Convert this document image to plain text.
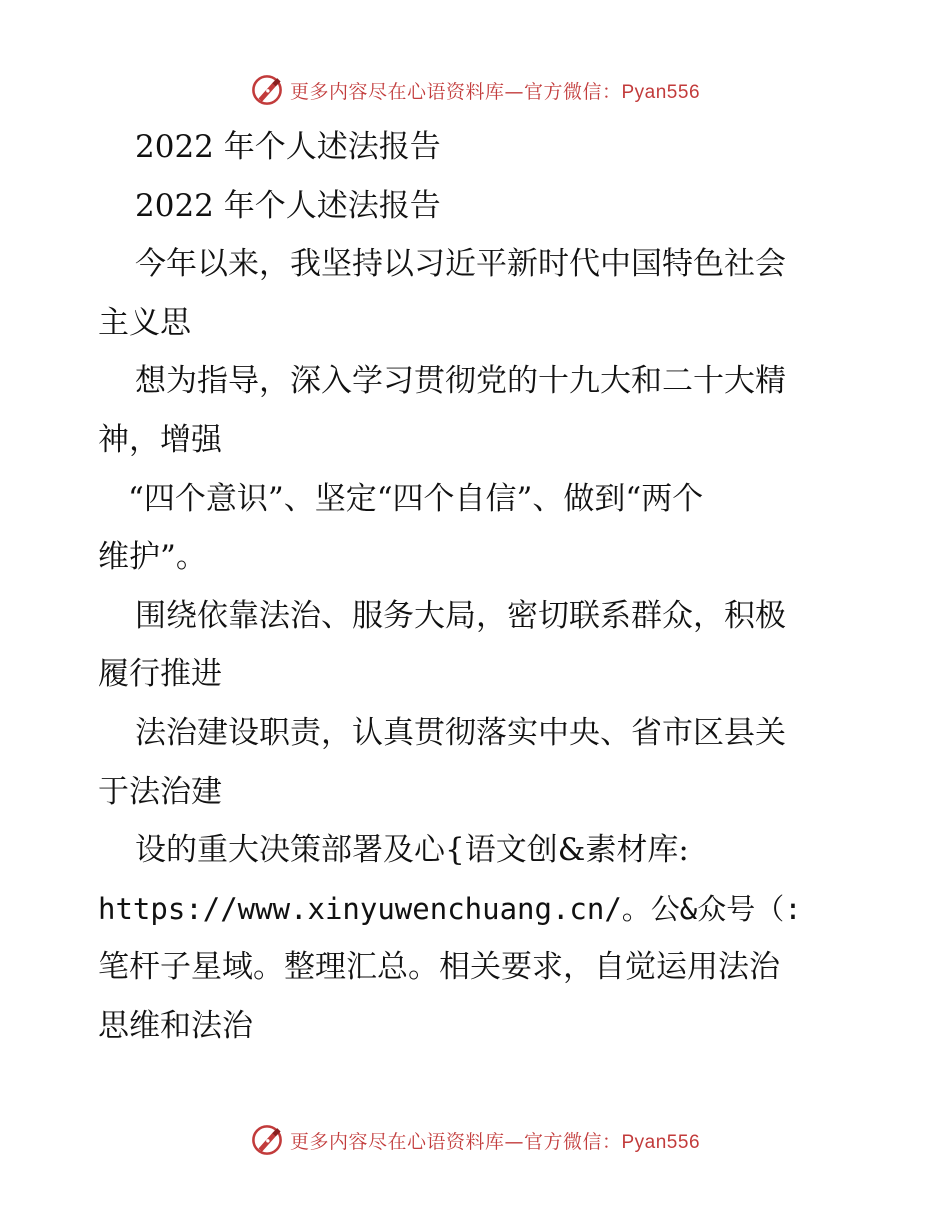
更多内容尽在心语资料库—官方微信：Pyan556
2022 年个人述法报告
2022 年个人述法报告
今年以来，我坚持以习近平新时代中国特色社会
主义思
想为指导，深入学习贯彻党的十九大和二十大精
神，增强
“四个意识”、坚定“四个自信”、做到“两个
维护”。
围绕依靠法治、服务大局，密切联系群众，积极
履行推进
法治建设职责，认真贯彻落实中央、省市区县关
于法治建
设的重大决策部署及心{语文创&素材库:
https://www.xinyuwenchuang.cn/。公&众号（:
笔杆子星域。整理汇总。相关要求，自觉运用法治
思维和法治
更多内容尽在心语资料库—官方微信：Pyan556
